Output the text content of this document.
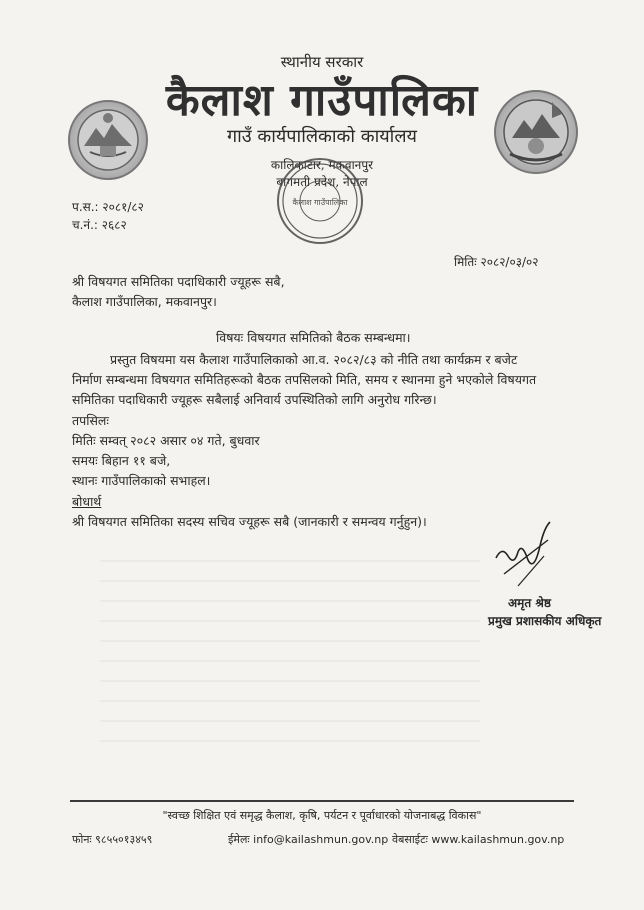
स्थानीय सरकार
कैलाश गाउँपालिका
गाउँ कार्यपालिकाको कार्यालय
कालिकाटार, मकवानपुर
बागमती प्रदेश, नेपाल
कैलाश गाउँपालिका
प.स.: २०८१/८२
च.नं.: २६८२
मितिः २०८२/०३/०२
श्री विषयगत समितिका पदाधिकारी ज्यूहरू सबै,
कैलाश गाउँपालिका, मकवानपुर।
विषयः विषयगत समितिको बैठक सम्बन्धमा।
प्रस्तुत विषयमा यस कैलाश गाउँपालिकाको आ.व. २०८२/८३ को नीति तथा कार्यक्रम र बजेट
निर्माण सम्बन्धमा विषयगत समितिहरूको बैठक तपसिलको मिति, समय र स्थानमा हुने भएकोले विषयगत
समितिका पदाधिकारी ज्यूहरू सबैलाई अनिवार्य उपस्थितिको लागि अनुरोध गरिन्छ।
तपसिलः
मितिः सम्वत् २०८२ असार ०४ गते, बुधवार
समयः बिहान ११ बजे,
स्थानः गाउँपालिकाको सभाहल।
बोधार्थ
श्री विषयगत समितिका सदस्य सचिव ज्यूहरू सबै (जानकारी र समन्वय गर्नुहुन)।
अमृत श्रेष्ठ
प्रमुख प्रशासकीय अधिकृत
"स्वच्छ शिक्षित एवं समृद्ध कैलाश, कृषि, पर्यटन र पूर्वाधारको योजनाबद्ध विकास"
फोनः ९८५५०१३४५९	ईमेलः info@kailashmun.gov.np वेबसाईटः www.kailashmun.gov.np
